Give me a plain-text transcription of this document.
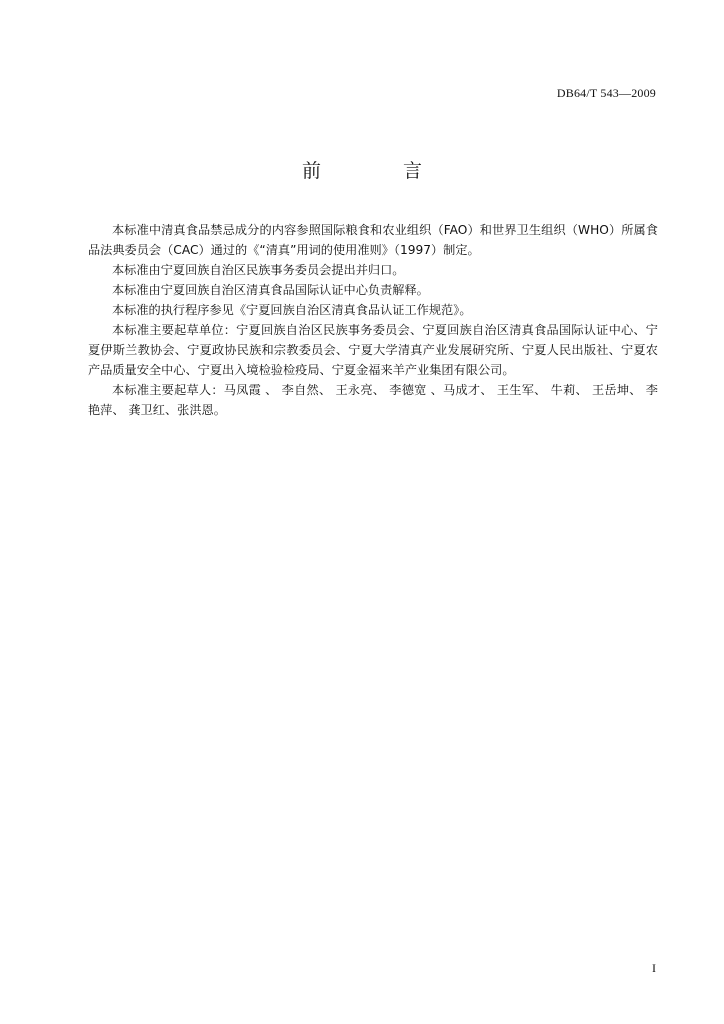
DB64/T 543—2009
前 言

本标准中清真食品禁忌成分的内容参照国际粮食和农业组织（FAO）和世界卫生组织（WHO）所属食品法典委员会（CAC）通过的《“清真”用词的使用准则》（1997）制定。

本标准由宁夏回族自治区民族事务委员会提出并归口。

本标准由宁夏回族自治区清真食品国际认证中心负责解释。

本标准的执行程序参见《宁夏回族自治区清真食品认证工作规范》。

本标准主要起草单位：宁夏回族自治区民族事务委员会、宁夏回族自治区清真食品国际认证中心、宁夏伊斯兰教协会、宁夏政协民族和宗教委员会、宁夏大学清真产业发展研究所、宁夏人民出版社、宁夏农产品质量安全中心、宁夏出入境检验检疫局、宁夏金福来羊产业集团有限公司。

本标准主要起草人：马凤霞 、 李自然、 王永亮、 李德宽 、马成才、 王生军、 牛莉、 王岳坤、 李艳萍、 龚卫红、张洪恩。

I
